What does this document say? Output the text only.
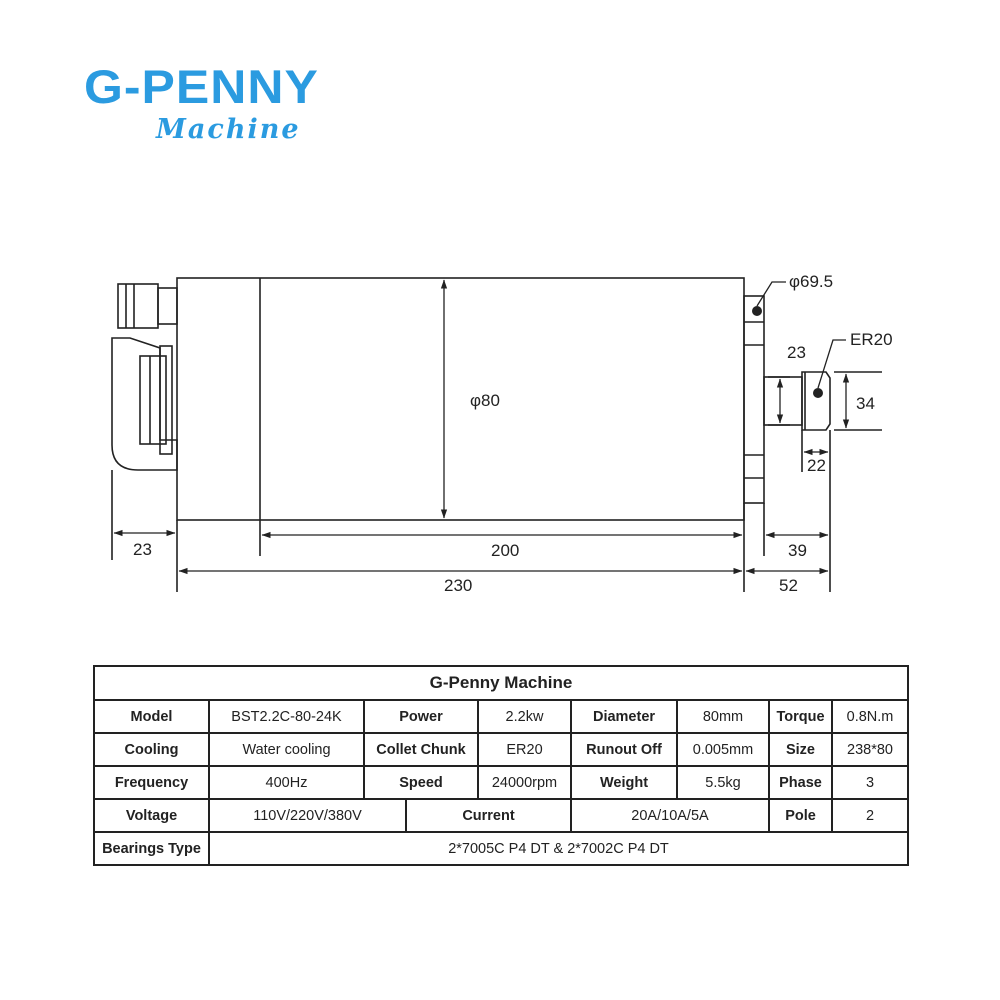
G-PENNY
Machine
φ80
φ69.5
ER20
23
34
22
23	200	39
230	52
G-Penny Machine								
Model	BST2.2C-80-24K	Power		2.2kw	Diameter	80mm	Torque	0.8N.m
Cooling	Water cooling	Collet Chunk		ER20	Runout Off	0.005mm	Size	238*80
Frequency	400Hz	Speed		24000rpm	Weight	5.5kg	Phase	3
Voltage	110V/220V/380V		Current		20A/10A/5A		Pole	2
Bearings Type	2*7005C P4 DT & 2*7002C P4 DT							
